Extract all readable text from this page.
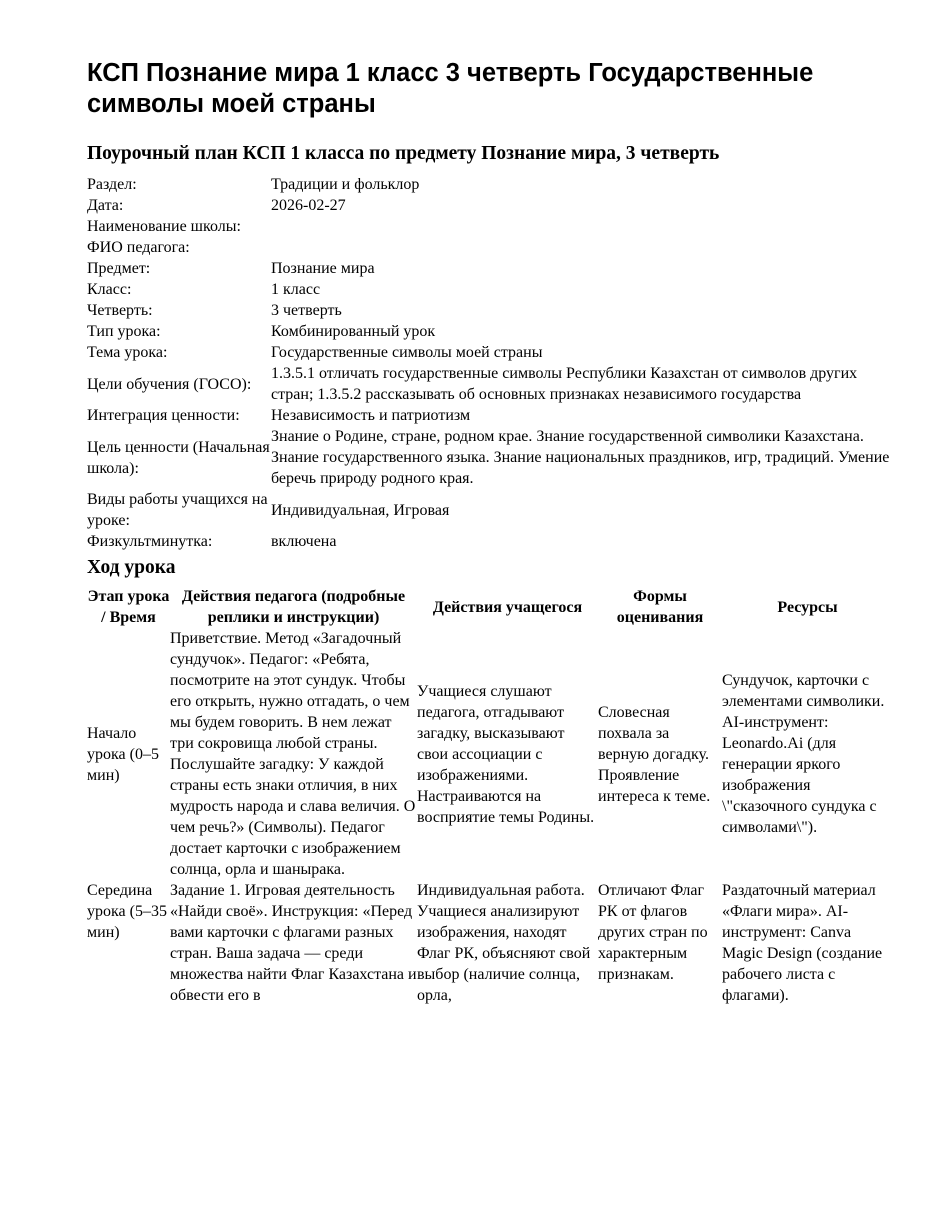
КСП Познание мира 1 класс 3 четверть Государственные символы моей страны
Поурочный план КСП 1 класса по предмету Познание мира, 3 четверть
Раздел:	Традиции и фольклор
Дата:	2026-02-27
Наименование школы:	
ФИО педагога:	
Предмет:	Познание мира
Класс:	1 класс
Четверть:	3 четверть
Тип урока:	Комбинированный урок
Тема урока:	Государственные символы моей страны
Цели обучения (ГОСО):	1.3.5.1 отличать государственные символы Республики Казахстан от символов других стран; 1.3.5.2 рассказывать об основных признаках независимого государства
Интеграция ценности:	Независимость и патриотизм
Цель ценности (Начальная школа):	Знание о Родине, стране, родном крае. Знание государственной символики Казахстана. Знание государственного языка. Знание национальных праздников, игр, традиций. Умение беречь природу родного края.
Виды работы учащихся на уроке:	Индивидуальная, Игровая
Физкультминутка:	включена
Ход урока
Этап урока / Время	Действия педагога (подробные реплики и инструкции)	Действия учащегося	Формы оценивания	Ресурсы
Начало урока (0–5 мин)	Приветствие. Метод «Загадочный сундучок». Педагог: «Ребята, посмотрите на этот сундук. Чтобы его открыть, нужно отгадать, о чем мы будем говорить. В нем лежат три сокровища любой страны. Послушайте загадку: У каждой страны есть знаки отличия, в них мудрость народа и слава величия. О чем речь?» (Символы). Педагог достает карточки с изображением солнца, орла и шанырака.	Учащиеся слушают педагога, отгадывают загадку, высказывают свои ассоциации с изображениями. Настраиваются на восприятие темы Родины.	Словесная похвала за верную догадку. Проявление интереса к теме.	Сундучок, карточки с элементами символики. AI-инструмент: Leonardo.Ai (для генерации яркого изображения \"сказочного сундука с символами\").
Середина урока (5–35 мин)	Задание 1. Игровая деятельность «Найди своё». Инструкция: «Перед вами карточки с флагами разных стран. Ваша задача — среди множества найти Флаг Казахстана и обвести его в	Индивидуальная работа. Учащиеся анализируют изображения, находят Флаг РК, объясняют свой выбор (наличие солнца, орла,	Отличают Флаг РК от флагов других стран по характерным признакам.	Раздаточный материал «Флаги мира». AI-инструмент: Canva Magic Design (создание рабочего листа с флагами).
